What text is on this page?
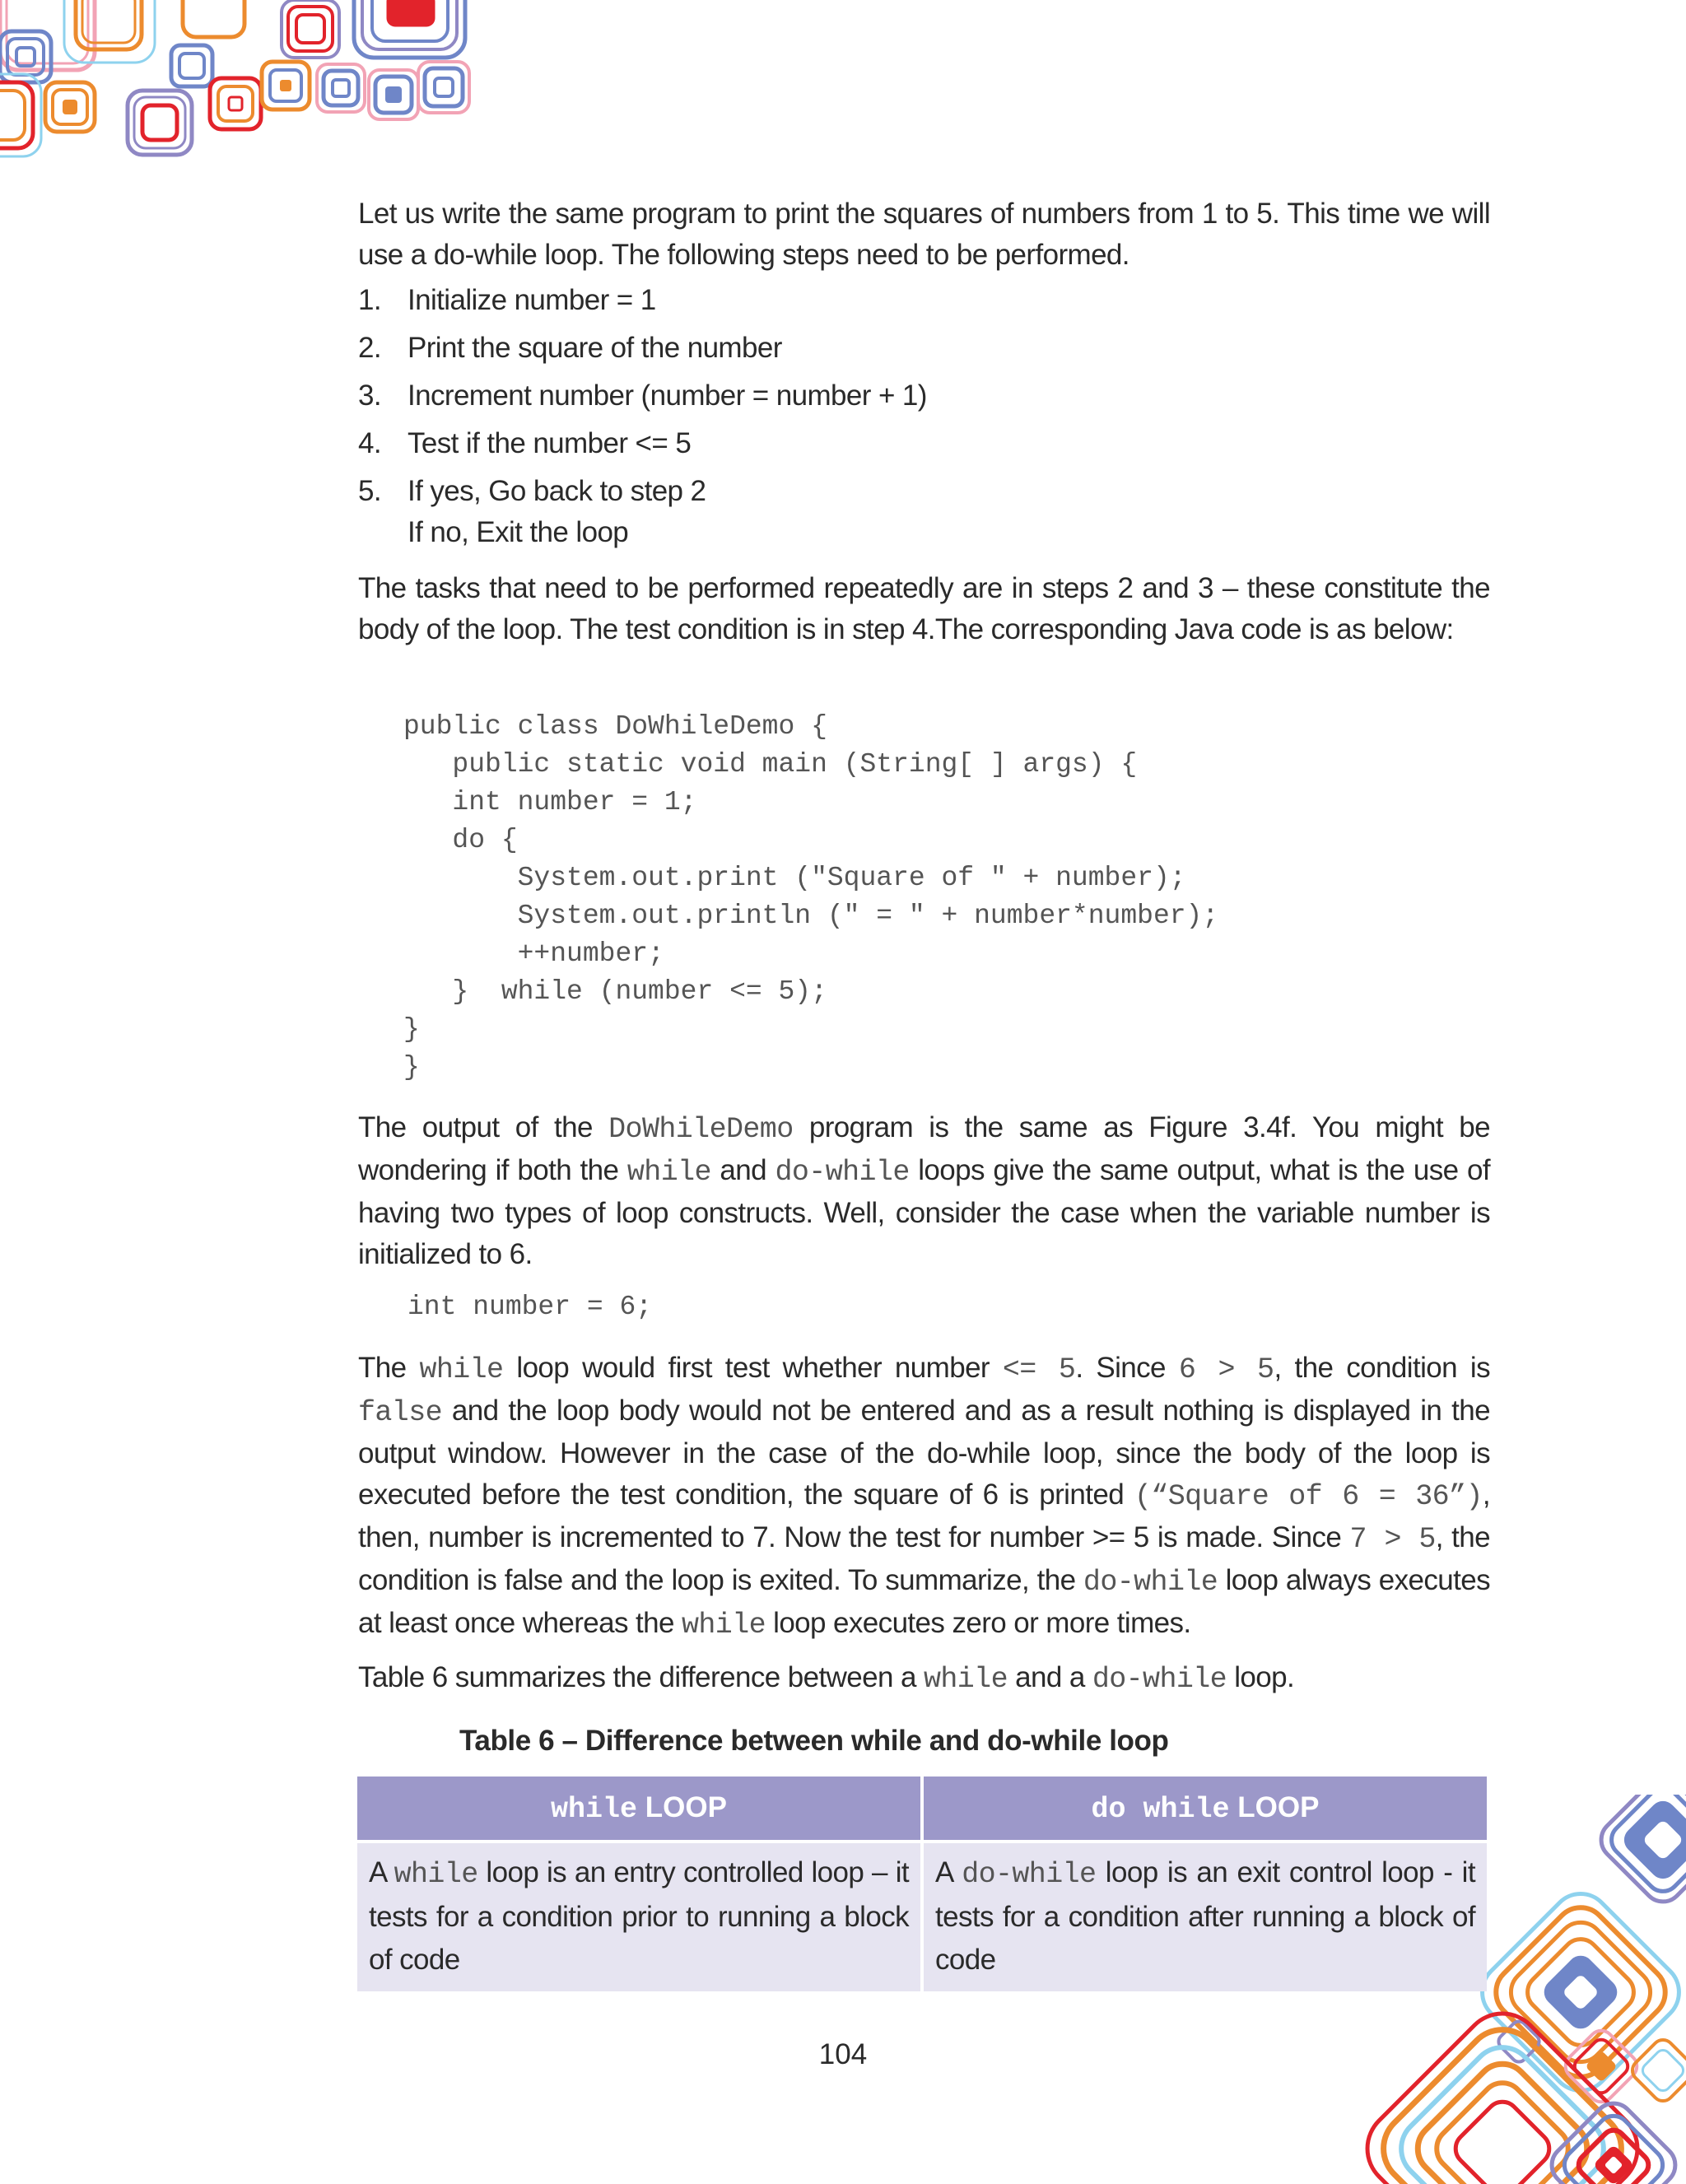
Let us write the same program to print the squares of numbers from 1 to 5. This time we will use a do-while loop. The following steps need to be performed.

1. Initialize number = 1
2. Print the square of the number
3. Increment number (number = number + 1)
4. Test if the number <= 5
5. If yes, Go back to step 2
If no, Exit the loop

The tasks that need to be performed repeatedly are in steps 2 and 3 – these constitute the body of the loop. The test condition is in step 4.The corresponding Java code is as below:

public class DoWhileDemo {
public static void main (String[ ] args) {
int number = 1;
do {
System.out.print ("Square of " + number);
System.out.println (" = " + number*number);
++number;
}  while (number <= 5);
}
}

The output of the DoWhileDemo program is the same as Figure 3.4f. You might be wondering if both the while and do-while loops give the same output, what is the use of having two types of loop constructs. Well, consider the case when the variable number is initialized to 6.

int number = 6;

The while loop would first test whether number <= 5. Since 6 > 5, the condition is false and the loop body would not be entered and as a result nothing is displayed in the output window. However in the case of the do-while loop, since the body of the loop is executed before the test condition, the square of 6 is printed (“Square of 6 = 36”), then, number is incremented to 7. Now the test for number >= 5 is made. Since 7 > 5, the condition is false and the loop is exited. To summarize, the do-while loop always executes at least once whereas the while loop executes zero or more times.

Table 6 summarizes the difference between a while and a do-while loop.

Table 6 – Difference between while and do-while loop
while LOOP	do while LOOP
A while loop is an entry controlled loop – it tests for a condition prior to running a block of code	A do-while loop is an exit control loop - it tests for a condition after running a block of code
104
